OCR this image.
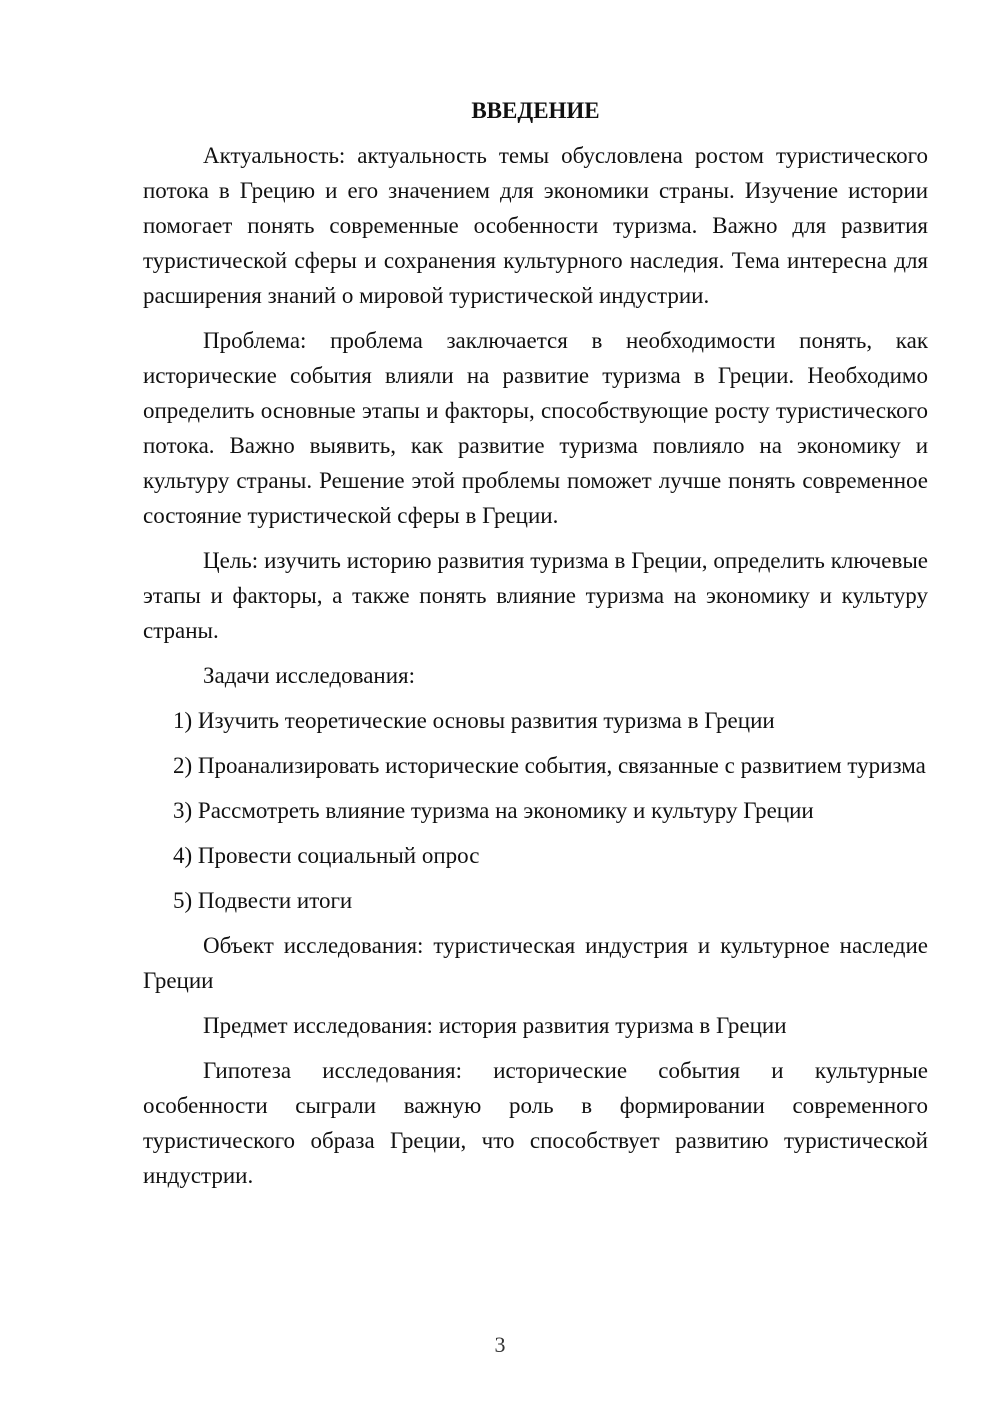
ВВЕДЕНИЕ

Актуальность: актуальность темы обусловлена ростом туристического потока в Грецию и его значением для экономики страны. Изучение истории помогает понять современные особенности туризма. Важно для развития туристической сферы и сохранения культурного наследия. Тема интересна для расширения знаний о мировой туристической индустрии.

Проблема: проблема заключается в необходимости понять, как исторические события влияли на развитие туризма в Греции. Необходимо определить основные этапы и факторы, способствующие росту туристического потока. Важно выявить, как развитие туризма повлияло на экономику и культуру страны. Решение этой проблемы поможет лучше понять современное состояние туристической сферы в Греции.

Цель: изучить историю развития туризма в Греции, определить ключевые этапы и факторы, а также понять влияние туризма на экономику и культуру страны.

Задачи исследования:

1) Изучить теоретические основы развития туризма в Греции

2) Проанализировать исторические события, связанные с развитием туризма

3) Рассмотреть влияние туризма на экономику и культуру Греции

4) Провести социальный опрос

5) Подвести итоги

Объект исследования: туристическая индустрия и культурное наследие Греции

Предмет исследования: история развития туризма в Греции

Гипотеза исследования: исторические события и культурные особенности сыграли важную роль в формировании современного туристического образа Греции, что способствует развитию туристической индустрии.

3
